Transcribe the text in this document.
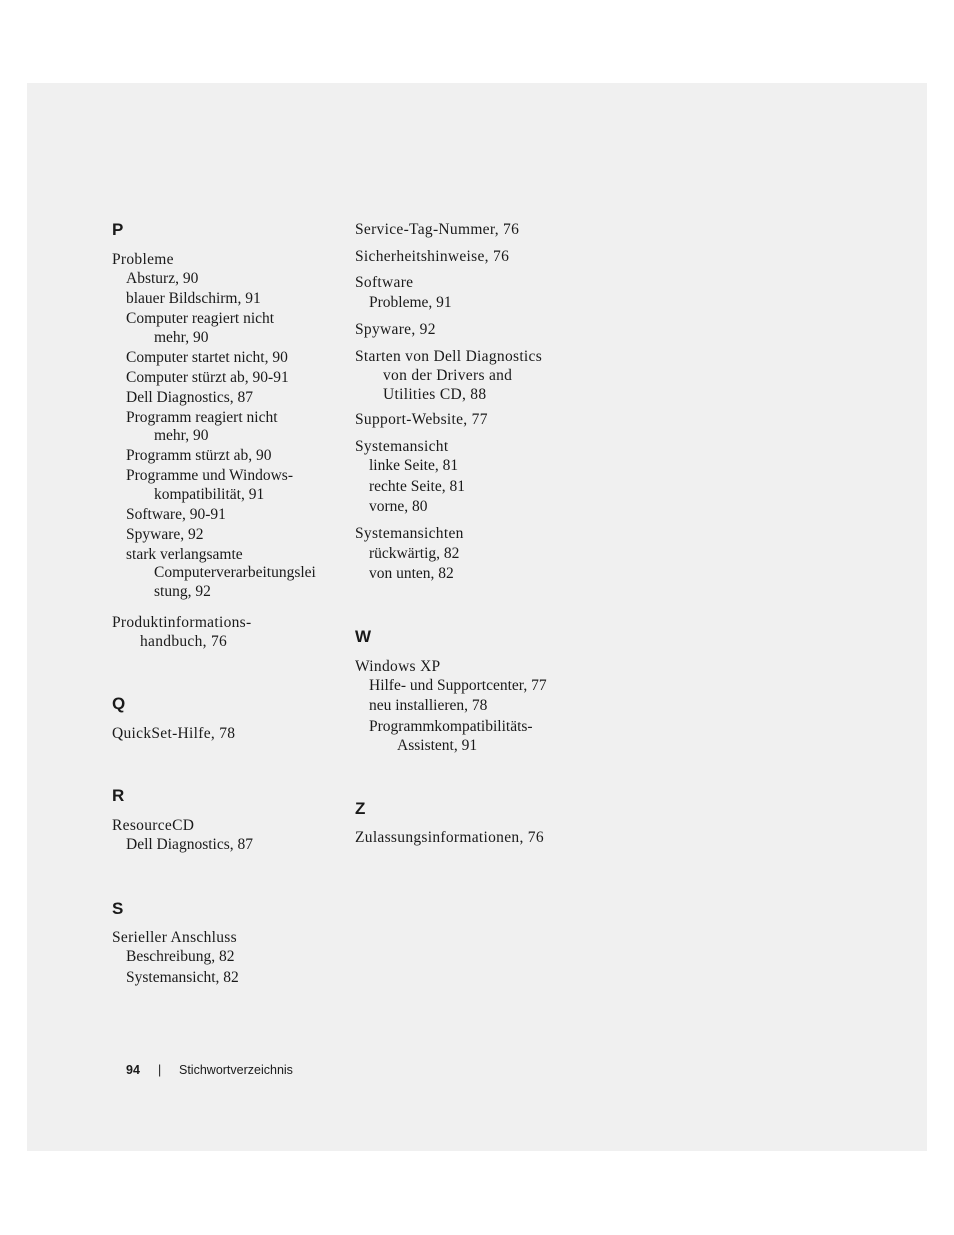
P
Probleme
Absturz, 90
blauer Bildschirm, 91
Computer reagiert nicht
mehr, 90
Computer startet nicht, 90
Computer stürzt ab, 90-91
Dell Diagnostics, 87
Programm reagiert nicht
mehr, 90
Programm stürzt ab, 90
Programme und Windows-
kompatibilität, 91
Software, 90-91
Spyware, 92
stark verlangsamte
Computerverarbeitungslei
stung, 92
Produktinformations-
handbuch, 76
Q
QuickSet-Hilfe, 78
R
ResourceCD
Dell Diagnostics, 87
S
Serieller Anschluss
Beschreibung, 82
Systemansicht, 82
Service-Tag-Nummer, 76
Sicherheitshinweise, 76
Software
Probleme, 91
Spyware, 92
Starten von Dell Diagnostics
von der Drivers and
Utilities CD, 88
Support-Website, 77
Systemansicht
linke Seite, 81
rechte Seite, 81
vorne, 80
Systemansichten
rückwärtig, 82
von unten, 82
W
Windows XP
Hilfe- und Supportcenter, 77
neu installieren, 78
Programmkompatibilitäts-
Assistent, 91
Z
Zulassungsinformationen, 76
94 | Stichwortverzeichnis
